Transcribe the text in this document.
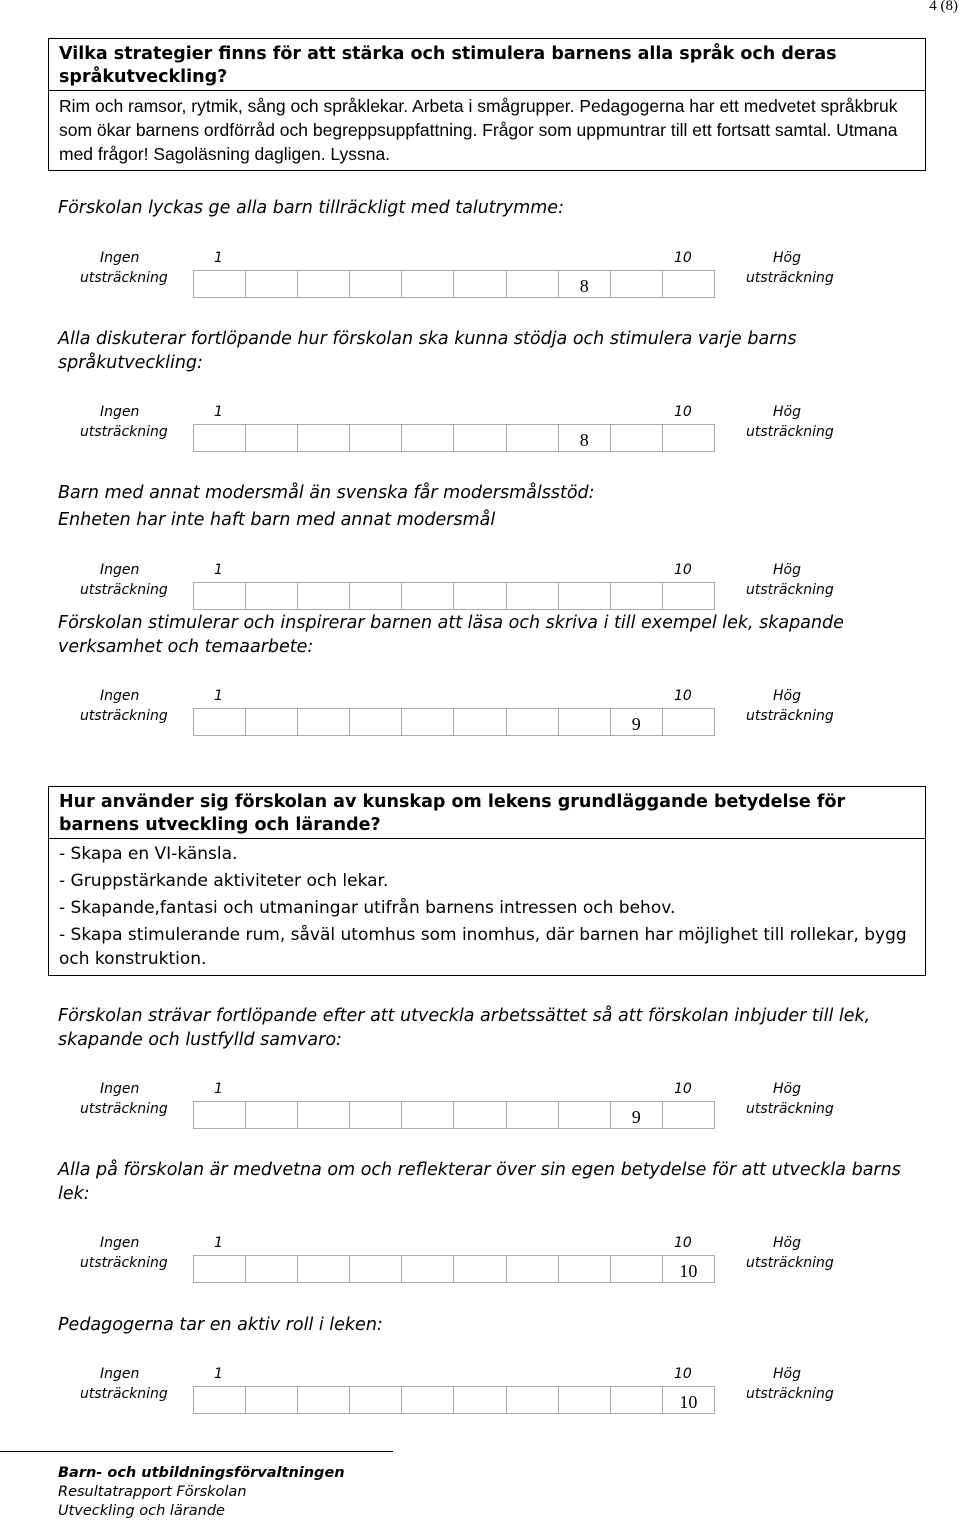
4 (8)
Vilka strategier finns för att stärka och stimulera barnens alla språk och deras språkutveckling?
Rim och ramsor, rytmik, sång och språklekar. Arbeta i smågrupper. Pedagogerna har ett medvetet språkbruk som ökar barnens ordförråd och begreppsuppfattning. Frågor som uppmuntrar till ett fortsatt samtal. Utmana med frågor! Sagoläsning dagligen. Lyssna.
Förskolan lyckas ge alla barn tillräckligt med talutrymme:
Ingen
utsträckning
1	10	Hög
utsträckning
8
Alla diskuterar fortlöpande hur förskolan ska kunna stödja och stimulera varje barns språkutveckling:
Ingen
utsträckning
1	10	Hög
utsträckning
8
Barn med annat modersmål än svenska får modersmålsstöd:
Enheten har inte haft barn med annat modersmål
Ingen
utsträckning
1	10	Hög
utsträckning
Förskolan stimulerar och inspirerar barnen att läsa och skriva i till exempel lek, skapande verksamhet och temaarbete:
Ingen
utsträckning
1	10	Hög
utsträckning
9
Hur använder sig förskolan av kunskap om lekens grundläggande betydelse för barnens utveckling och lärande?
- Skapa en VI-känsla.
- Gruppstärkande aktiviteter och lekar.
- Skapande,fantasi och utmaningar utifrån barnens intressen och behov.
- Skapa stimulerande rum, såväl utomhus som inomhus, där barnen har möjlighet till rollekar, bygg och konstruktion.
Förskolan strävar fortlöpande efter att utveckla arbetssättet så att förskolan inbjuder till lek, skapande och lustfylld samvaro:
Ingen
utsträckning
1	10	Hög
utsträckning
9
Alla på förskolan är medvetna om och reflekterar över sin egen betydelse för att utveckla barns lek:
Ingen
utsträckning
1	10	Hög
utsträckning
10
Pedagogerna tar en aktiv roll i leken:
Ingen
utsträckning
1	10	Hög
utsträckning
10
Barn- och utbildningsförvaltningen
Resultatrapport Förskolan
Utveckling och lärande
